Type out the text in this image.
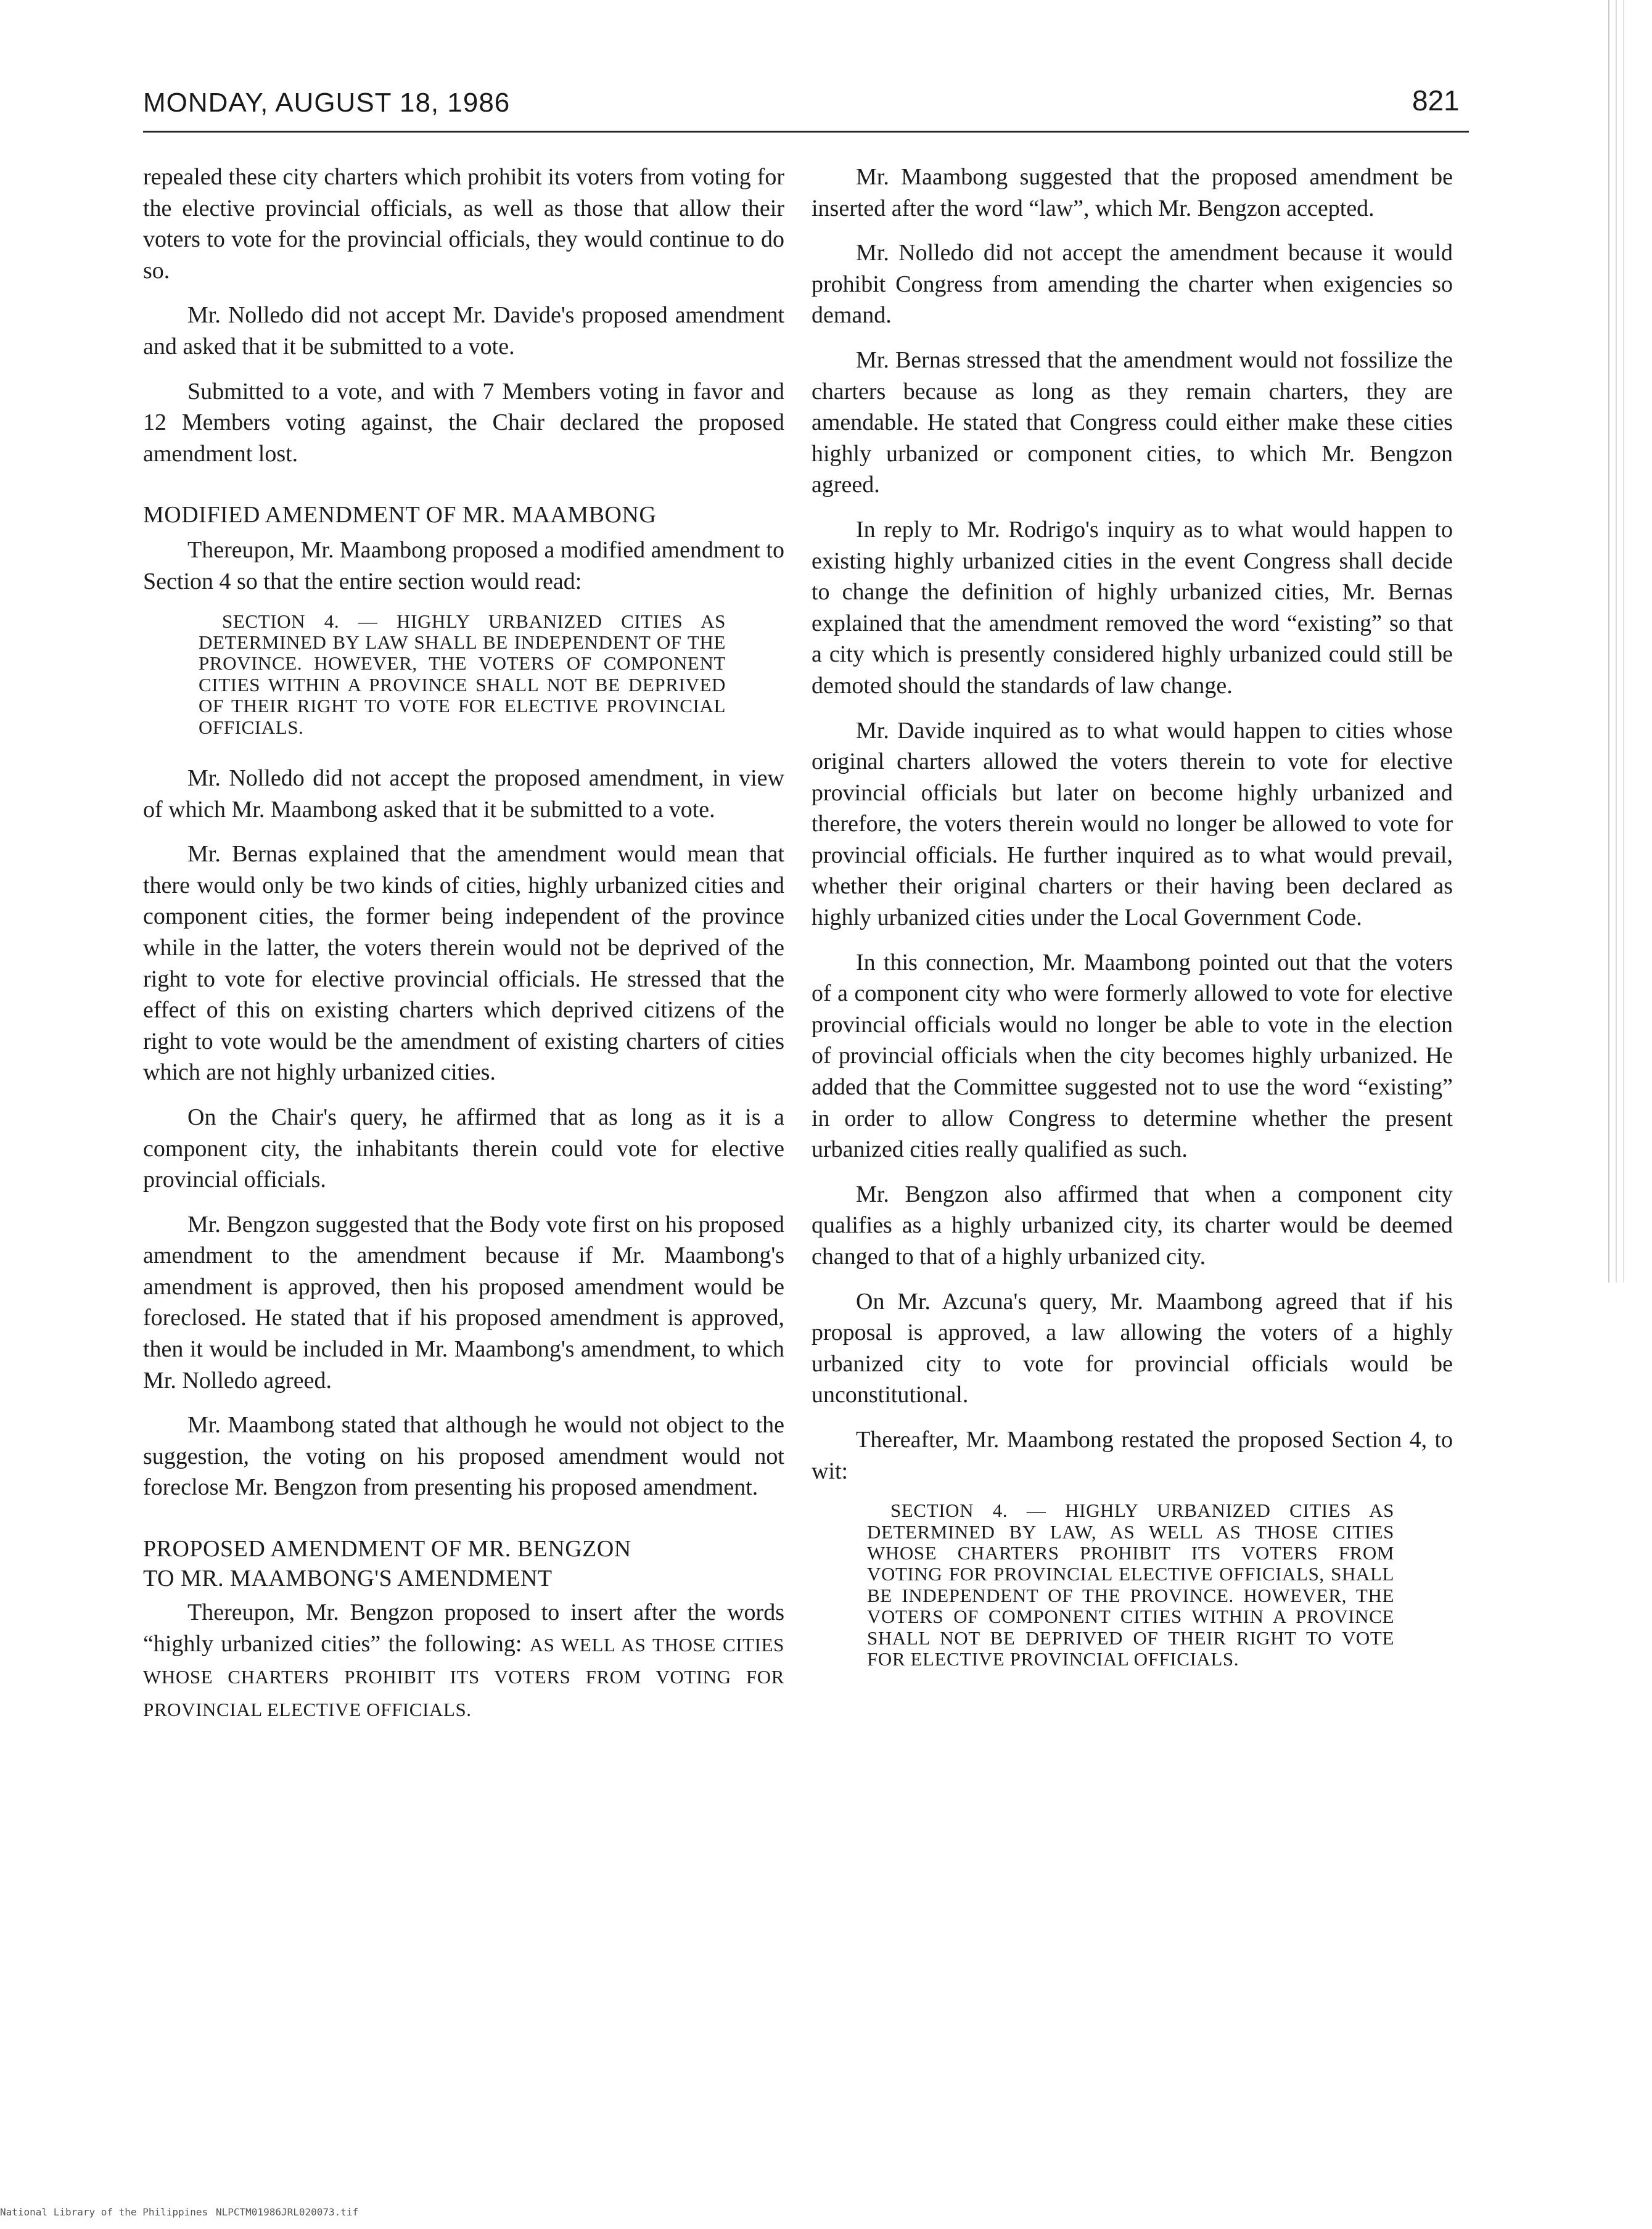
MONDAY, AUGUST 18, 1986	821

repealed these city charters which prohibit its voters from voting for the elective provincial officials, as well as those that allow their voters to vote for the provincial officials, they would continue to do so.

Mr. Nolledo did not accept Mr. Davide's proposed amendment and asked that it be submitted to a vote.

Submitted to a vote, and with 7 Members voting in favor and 12 Members voting against, the Chair declared the proposed amendment lost.

MODIFIED AMENDMENT OF MR. MAAMBONG

Thereupon, Mr. Maambong proposed a modified amendment to Section 4 so that the entire section would read:

SECTION 4. — HIGHLY URBANIZED CITIES AS DETERMINED BY LAW SHALL BE INDEPENDENT OF THE PROVINCE. HOWEVER, THE VOTERS OF COMPONENT CITIES WITHIN A PROVINCE SHALL NOT BE DEPRIVED OF THEIR RIGHT TO VOTE FOR ELECTIVE PROVINCIAL OFFICIALS.

Mr. Nolledo did not accept the proposed amendment, in view of which Mr. Maambong asked that it be submitted to a vote.

Mr. Bernas explained that the amendment would mean that there would only be two kinds of cities, highly urbanized cities and component cities, the former being independent of the province while in the latter, the voters therein would not be deprived of the right to vote for elective provincial officials. He stressed that the effect of this on existing charters which deprived citizens of the right to vote would be the amendment of existing charters of cities which are not highly urbanized cities.

On the Chair's query, he affirmed that as long as it is a component city, the inhabitants therein could vote for elective provincial officials.

Mr. Bengzon suggested that the Body vote first on his proposed amendment to the amendment because if Mr. Maambong's amendment is approved, then his proposed amendment would be foreclosed. He stated that if his proposed amendment is approved, then it would be included in Mr. Maambong's amendment, to which Mr. Nolledo agreed.

Mr. Maambong stated that although he would not object to the suggestion, the voting on his proposed amendment would not foreclose Mr. Bengzon from presenting his proposed amendment.

PROPOSED AMENDMENT OF MR. BENGZON
TO MR. MAAMBONG'S AMENDMENT

Thereupon, Mr. Bengzon proposed to insert after the words “highly urbanized cities” the following: AS WELL AS THOSE CITIES WHOSE CHARTERS PROHIBIT ITS VOTERS FROM VOTING FOR PROVINCIAL ELECTIVE OFFICIALS.

Mr. Maambong suggested that the proposed amendment be inserted after the word “law”, which Mr. Bengzon accepted.

Mr. Nolledo did not accept the amendment because it would prohibit Congress from amending the charter when exigencies so demand.

Mr. Bernas stressed that the amendment would not fossilize the charters because as long as they remain charters, they are amendable. He stated that Congress could either make these cities highly urbanized or component cities, to which Mr. Bengzon agreed.

In reply to Mr. Rodrigo's inquiry as to what would happen to existing highly urbanized cities in the event Congress shall decide to change the definition of highly urbanized cities, Mr. Bernas explained that the amendment removed the word “existing” so that a city which is presently considered highly urbanized could still be demoted should the standards of law change.

Mr. Davide inquired as to what would happen to cities whose original charters allowed the voters therein to vote for elective provincial officials but later on become highly urbanized and therefore, the voters therein would no longer be allowed to vote for provincial officials. He further inquired as to what would prevail, whether their original charters or their having been declared as highly urbanized cities under the Local Government Code.

In this connection, Mr. Maambong pointed out that the voters of a component city who were formerly allowed to vote for elective provincial officials would no longer be able to vote in the election of provincial officials when the city becomes highly urbanized. He added that the Committee suggested not to use the word “existing” in order to allow Congress to determine whether the present urbanized cities really qualified as such.

Mr. Bengzon also affirmed that when a component city qualifies as a highly urbanized city, its charter would be deemed changed to that of a highly urbanized city.

On Mr. Azcuna's query, Mr. Maambong agreed that if his proposal is approved, a law allowing the voters of a highly urbanized city to vote for provincial officials would be unconstitutional.

Thereafter, Mr. Maambong restated the proposed Section 4, to wit:

SECTION 4. — HIGHLY URBANIZED CITIES AS DETERMINED BY LAW, AS WELL AS THOSE CITIES WHOSE CHARTERS PROHIBIT ITS VOTERS FROM VOTING FOR PROVINCIAL ELECTIVE OFFICIALS, SHALL BE INDEPENDENT OF THE PROVINCE. HOWEVER, THE VOTERS OF COMPONENT CITIES WITHIN A PROVINCE SHALL NOT BE DEPRIVED OF THEIR RIGHT TO VOTE FOR ELECTIVE PROVINCIAL OFFICIALS.
National Library of the Philippines NLPCTM01986JRL020073.tif
